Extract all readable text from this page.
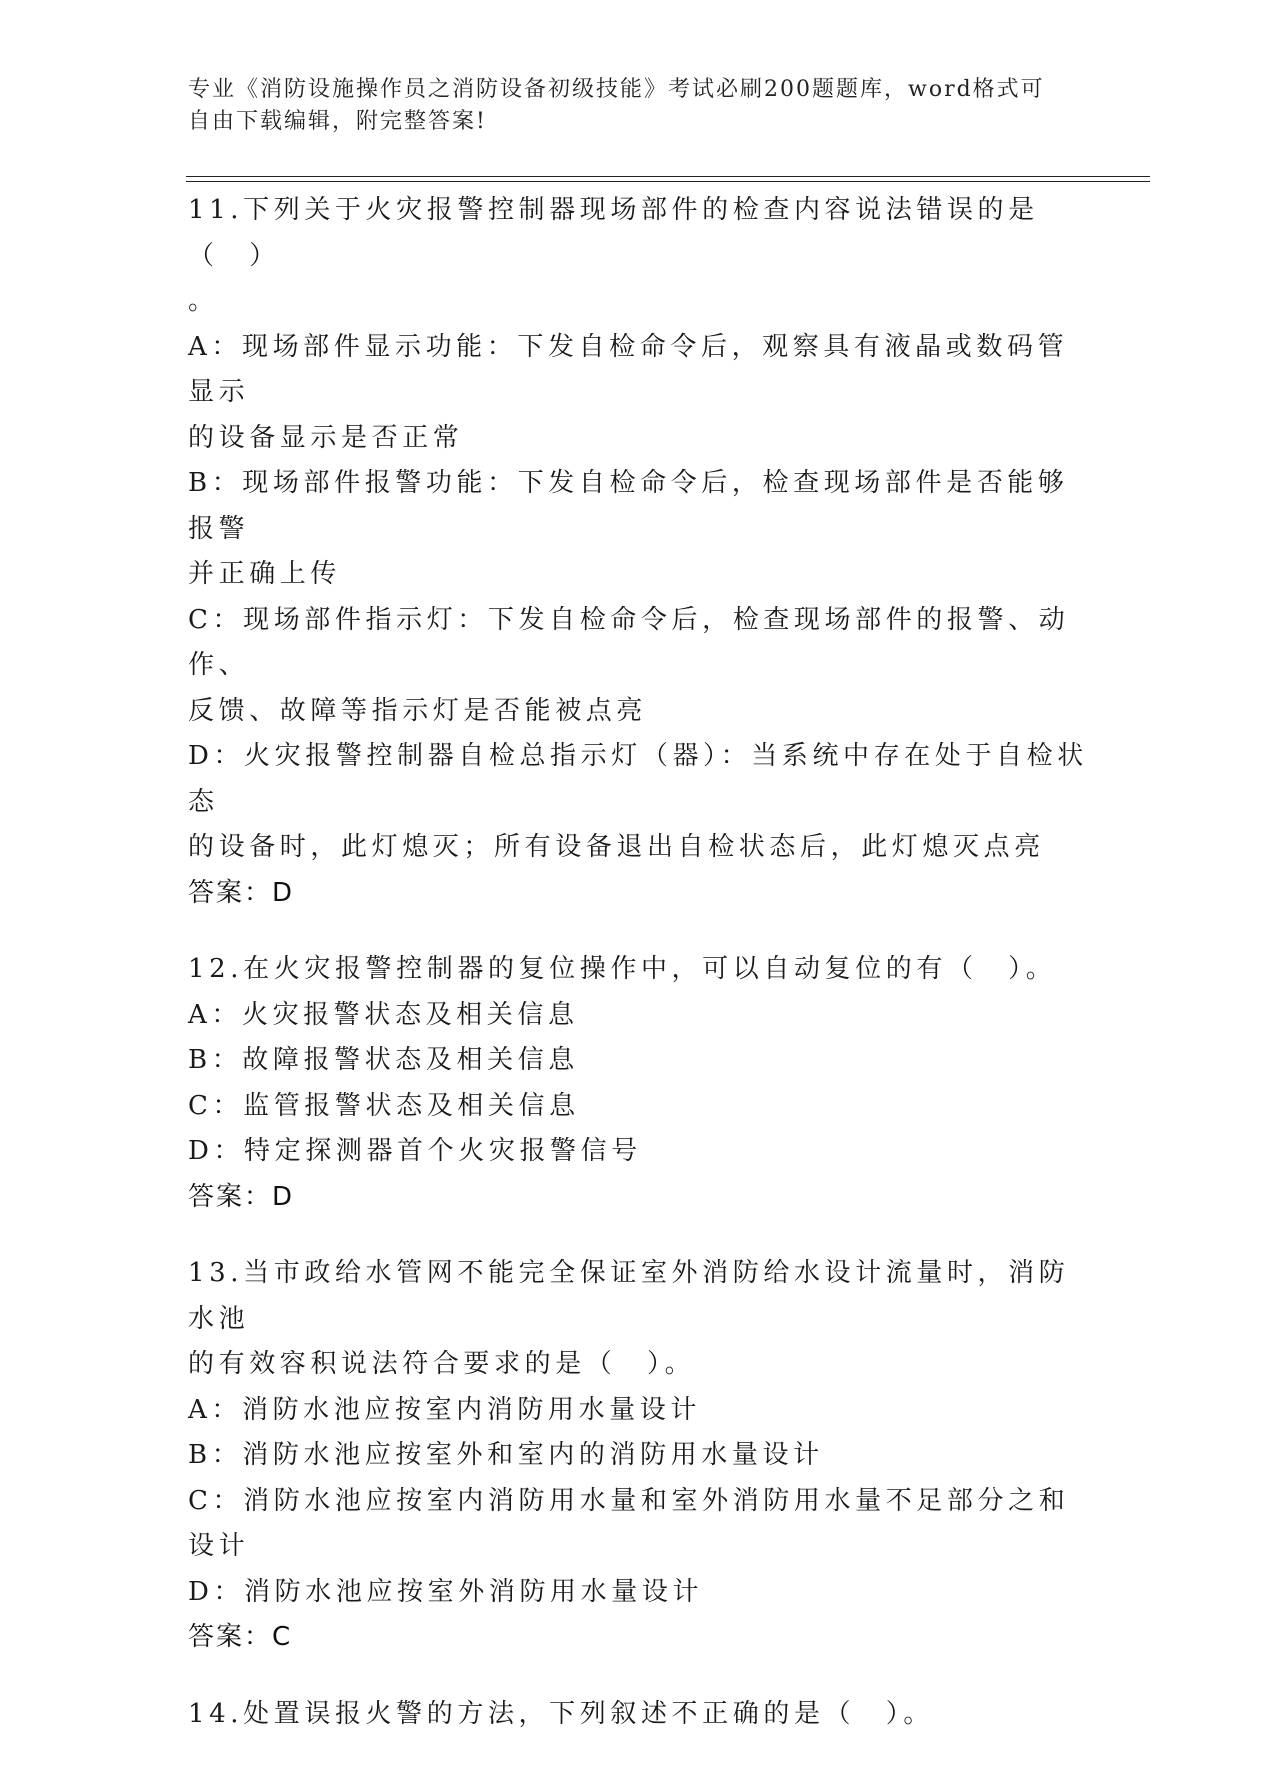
专业《消防设施操作员之消防设备初级技能》考试必刷200题题库，word格式可
自由下载编辑，附完整答案!
11.下列关于火灾报警控制器现场部件的检查内容说法错误的是（　）
。
A：现场部件显示功能：下发自检命令后，观察具有液晶或数码管显示
的设备显示是否正常
B：现场部件报警功能：下发自检命令后，检查现场部件是否能够报警
并正确上传
C：现场部件指示灯：下发自检命令后，检查现场部件的报警、动作、
反馈、故障等指示灯是否能被点亮
D：火灾报警控制器自检总指示灯（器）：当系统中存在处于自检状态
的设备时，此灯熄灭；所有设备退出自检状态后，此灯熄灭点亮
答案：D
12.在火灾报警控制器的复位操作中，可以自动复位的有（　）。
A：火灾报警状态及相关信息
B：故障报警状态及相关信息
C：监管报警状态及相关信息
D：特定探测器首个火灾报警信号
答案：D
13.当市政给水管网不能完全保证室外消防给水设计流量时，消防水池
的有效容积说法符合要求的是（　）。
A：消防水池应按室内消防用水量设计
B：消防水池应按室外和室内的消防用水量设计
C：消防水池应按室内消防用水量和室外消防用水量不足部分之和设计
D：消防水池应按室外消防用水量设计
答案：C
14.处置误报火警的方法，下列叙述不正确的是（　）。
